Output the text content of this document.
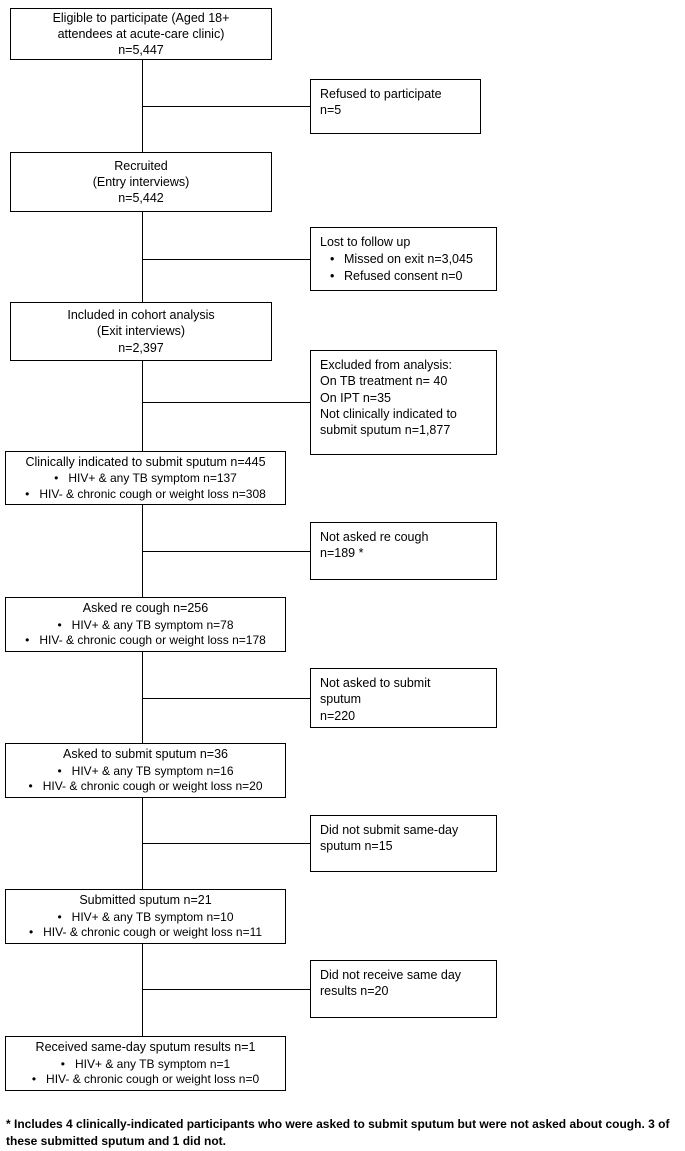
Eligible to participate (Aged 18+
attendees at acute-care clinic)
n=5,447
Recruited
(Entry interviews)
n=5,442
Included in cohort analysis
(Exit interviews)
n=2,397
Clinically indicated to submit sputum n=445
• HIV+ & any TB symptom n=137
• HIV- & chronic cough or weight loss n=308
Asked re cough n=256
• HIV+ & any TB symptom n=78
• HIV- & chronic cough or weight loss n=178
Asked to submit sputum n=36
• HIV+ & any TB symptom n=16
• HIV- & chronic cough or weight loss n=20
Submitted sputum n=21
• HIV+ & any TB symptom n=10
• HIV- & chronic cough or weight loss n=11
Received same-day sputum results n=1
• HIV+ & any TB symptom n=1
• HIV- & chronic cough or weight loss n=0
Refused to participate
n=5
Lost to follow up
• Missed on exit n=3,045
• Refused consent n=0
Excluded from analysis:
On TB treatment n= 40
On IPT n=35
Not clinically indicated to
submit sputum n=1,877
Not asked re cough
n=189 *
Not asked to submit
sputum
n=220
Did not submit same-day
sputum n=15
Did not receive same day
results n=20
* Includes 4 clinically-indicated participants who were asked to submit sputum but were not asked about cough. 3 of these submitted sputum and 1 did not.
